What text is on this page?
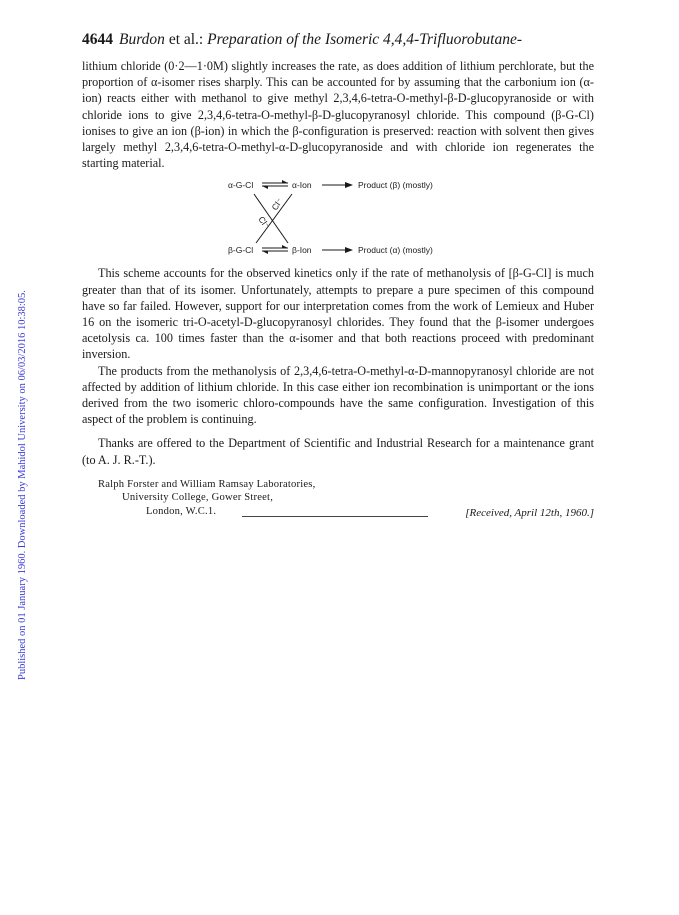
Published on 01 January 1960. Downloaded by Mahidol University on 06/03/2016 10:38:05.
4644 Burdon et al.: Preparation of the Isomeric 4,4,4-Trifluorobutane-

lithium chloride (0·2—1·0M) slightly increases the rate, as does addition of lithium perchlorate, but the proportion of α-isomer rises sharply. This can be accounted for by assuming that the carbonium ion (α-ion) reacts either with methanol to give methyl 2,3,4,6-tetra-O-methyl-β-D-glucopyranoside or with chloride ions to give 2,3,4,6-tetra-O-methyl-β-D-glucopyranosyl chloride. This compound (β-G-Cl) ionises to give an ion (β-ion) in which the β-configuration is preserved: reaction with solvent then gives largely methyl 2,3,4,6-tetra-O-methyl-α-D-glucopyranoside and with chloride ion regenerates the starting material.

α-G-Cl	α-Ion	Product (β) (mostly)
Cl⁻
Cl⁻
β-G-Cl	β-Ion	Product (α) (mostly)

This scheme accounts for the observed kinetics only if the rate of methanolysis of [β-G-Cl] is much greater than that of its isomer. Unfortunately, attempts to prepare a pure specimen of this compound have so far failed. However, support for our interpretation comes from the work of Lemieux and Huber 16 on the isomeric tri-O-acetyl-D-glucopyranosyl chlorides. They found that the β-isomer undergoes acetolysis ca. 100 times faster than the α-isomer and that both reactions proceed with predominant inversion.

The products from the methanolysis of 2,3,4,6-tetra-O-methyl-α-D-mannopyranosyl chloride are not affected by addition of lithium chloride. In this case either ion recombination is unimportant or the ions derived from the two isomeric chloro-compounds have the same configuration. Investigation of this aspect of the problem is continuing.

Thanks are offered to the Department of Scientific and Industrial Research for a maintenance grant (to A. J. R.-T.).

Ralph Forster and William Ramsay Laboratories,
University College, Gower Street,
London, W.C.1.	[Received, April 12th, 1960.]
